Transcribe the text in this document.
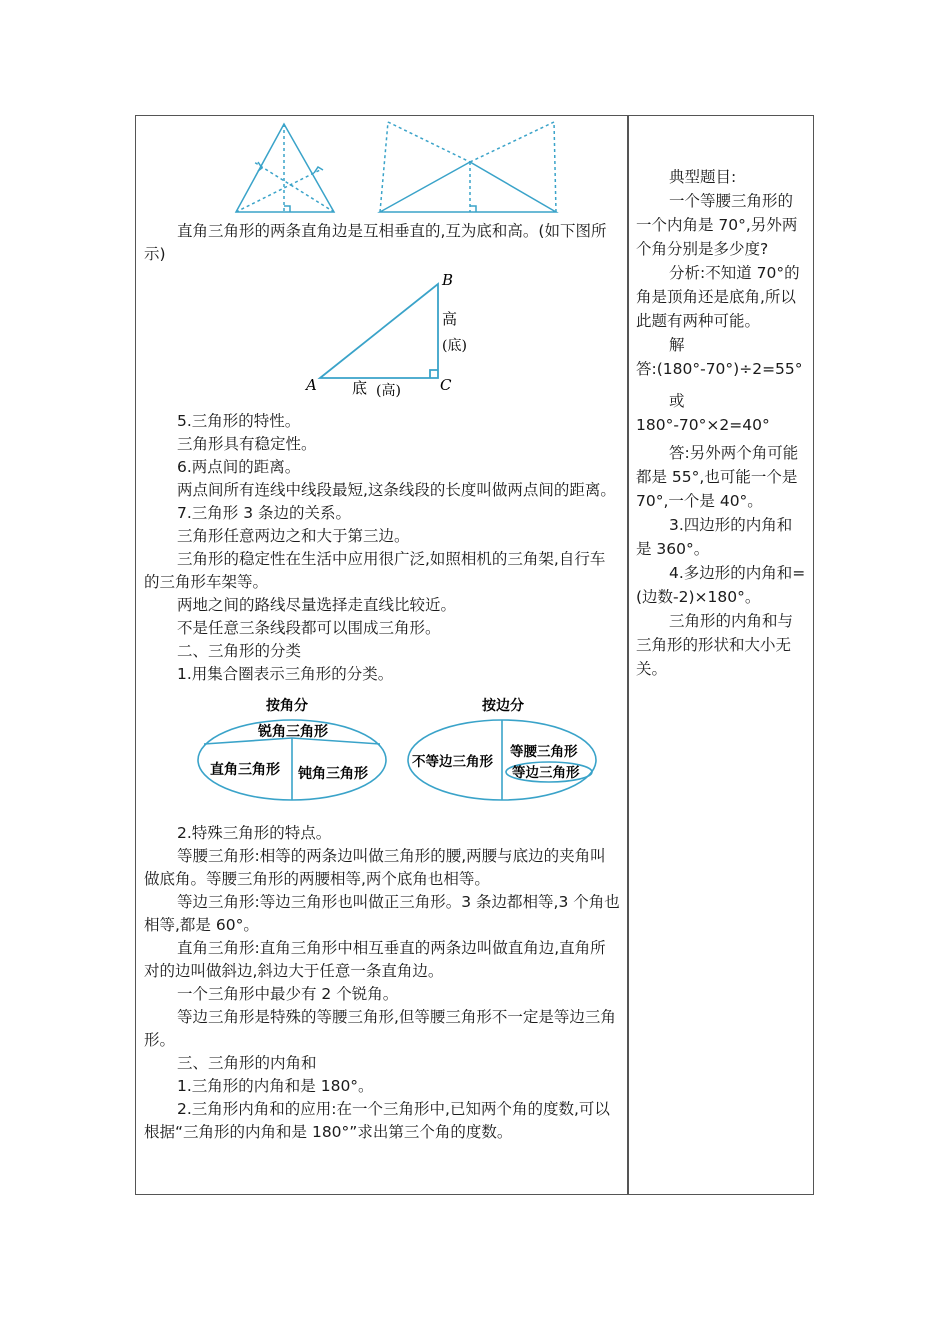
直角三角形的两条直角边是互相垂直的,互为底和高。(如下图所示)

B
A	C
高
(底)
底 (高)

5.三角形的特性。

三角形具有稳定性。

6.两点间的距离。

两点间所有连线中线段最短,这条线段的长度叫做两点间的距离。

7.三角形 3 条边的关系。

三角形任意两边之和大于第三边。

三角形的稳定性在生活中应用很广泛,如照相机的三角架,自行车的三角形车架等。

两地之间的路线尽量选择走直线比较近。

不是任意三条线段都可以围成三角形。

二、三角形的分类

1.用集合圈表示三角形的分类。

按角分
锐角三角形
直角三角形 钝角三角形
按边分
不等边三角形
等腰三角形
等边三角形

2.特殊三角形的特点。

等腰三角形:相等的两条边叫做三角形的腰,两腰与底边的夹角叫做底角。等腰三角形的两腰相等,两个底角也相等。

等边三角形:等边三角形也叫做正三角形。3 条边都相等,3 个角也相等,都是 60°。

直角三角形:直角三角形中相互垂直的两条边叫做直角边,直角所对的边叫做斜边,斜边大于任意一条直角边。

一个三角形中最少有 2 个锐角。

等边三角形是特殊的等腰三角形,但等腰三角形不一定是等边三角形。

三、三角形的内角和

1.三角形的内角和是 180°。

2.三角形内角和的应用:在一个三角形中,已知两个角的度数,可以根据“三角形的内角和是 180°”求出第三个角的度数。

典型题目:

一个等腰三角形的一个内角是 70°,另外两个角分别是多少度?

分析:不知道 70°的角是顶角还是底角,所以此题有两种可能。

解

答:(180°-70°)÷2=55°

或

180°-70°×2=40°

答:另外两个角可能都是 55°,也可能一个是 70°,一个是 40°。

3.四边形的内角和是 360°。

4.多边形的内角和=(边数-2)×180°。

三角形的内角和与三角形的形状和大小无关。
